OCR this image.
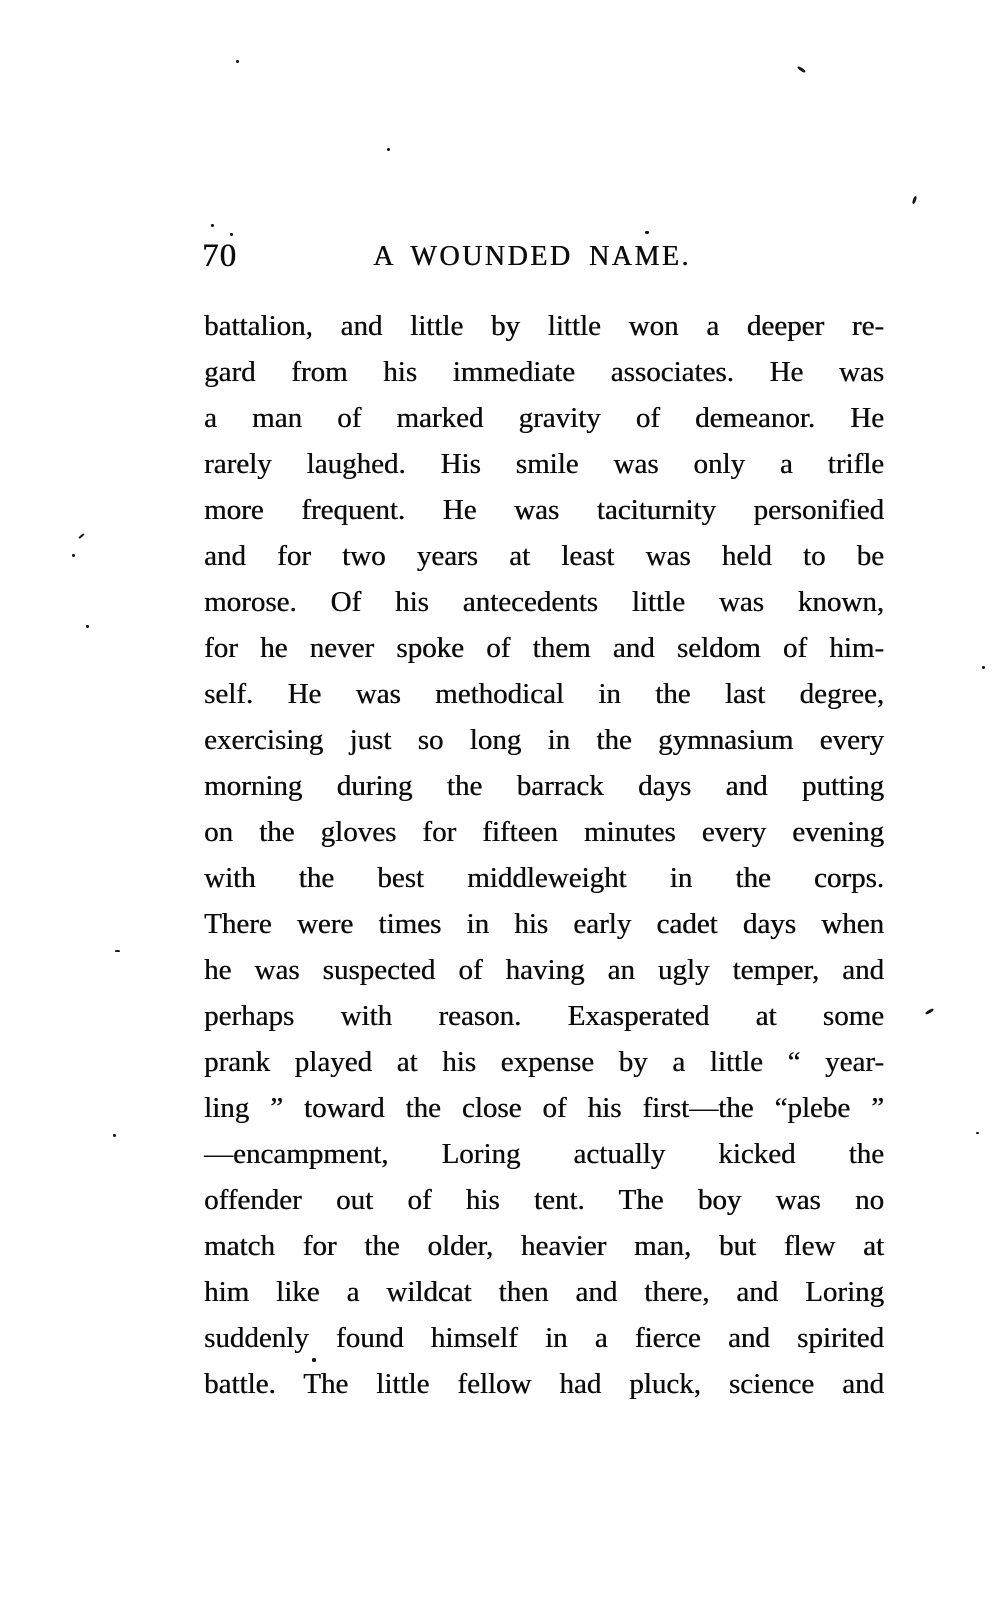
70	A WOUNDED NAME.
battalion, and little by little won a deeper re-
gard from his immediate associates. He was
a man of marked gravity of demeanor. He
rarely laughed. His smile was only a trifle
more frequent. He was taciturnity personified
and for two years at least was held to be
morose. Of his antecedents little was known,
for he never spoke of them and seldom of him-
self. He was methodical in the last degree,
exercising just so long in the gymnasium every
morning during the barrack days and putting
on the gloves for fifteen minutes every evening
with the best middleweight in the corps.
There were times in his early cadet days when
he was suspected of having an ugly temper, and
perhaps with reason. Exasperated at some
prank played at his expense by a little “ year-
ling ” toward the close of his first—the “plebe ”
—encampment, Loring actually kicked the
offender out of his tent. The boy was no
match for the older, heavier man, but flew at
him like a wildcat then and there, and Loring
suddenly found himself in a fierce and spirited
battle. The little fellow had pluck, science and
